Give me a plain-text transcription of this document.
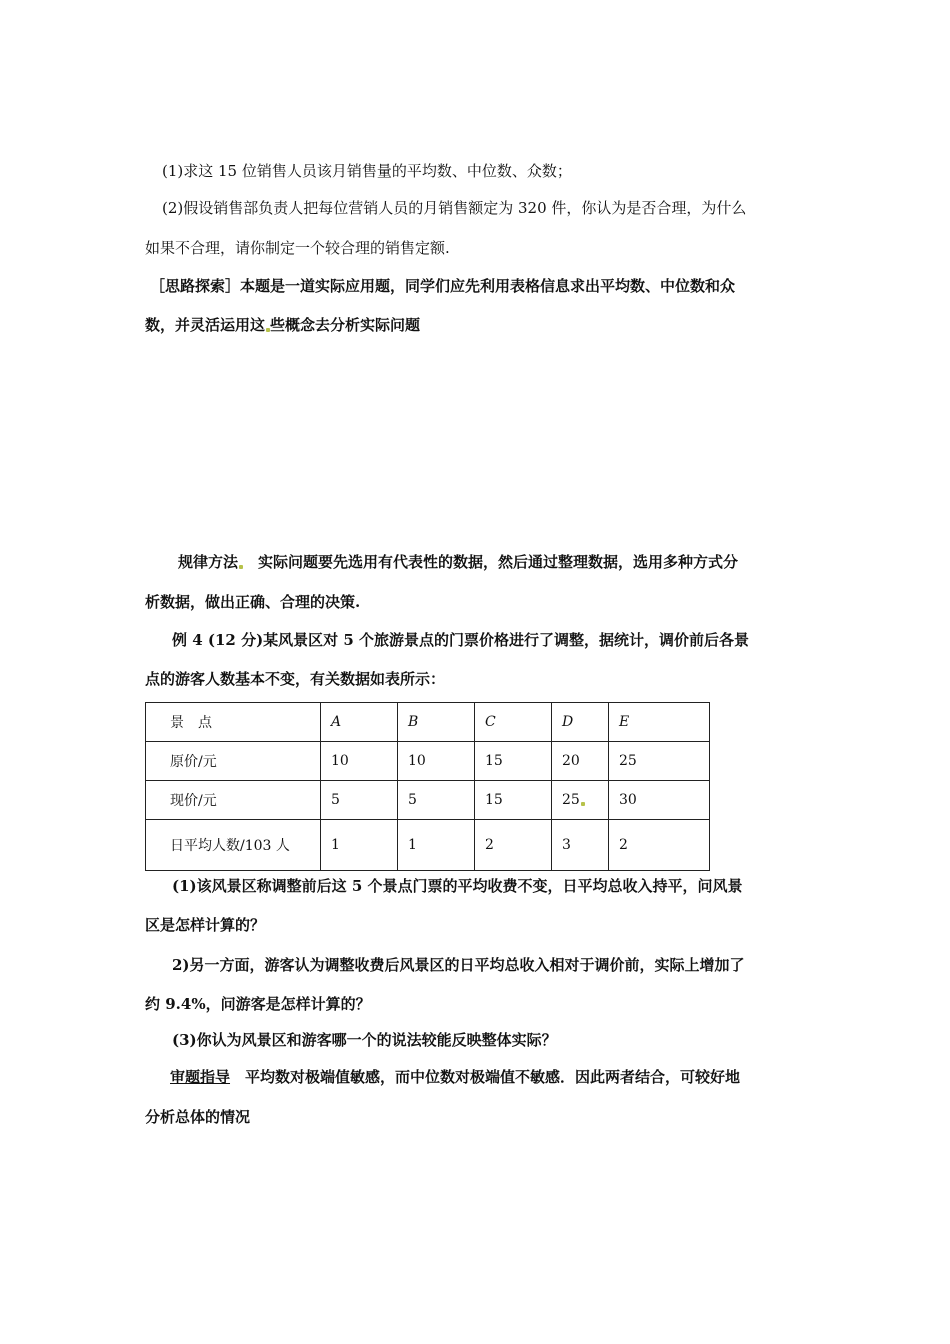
(1)求这 15 位销售人员该月销售量的平均数、中位数、众数；
(2)假设销售部负责人把每位营销人员的月销售额定为 320 件，你认为是否合理，为什么
如果不合理，请你制定一个较合理的销售定额.
［思路探索］本题是一道实际应用题，同学们应先利用表格信息求出平均数、中位数和众
数，并灵活运用这 些概念去分析实际问题
规律方法　 实际问题要先选用有代表性的数据，然后通过整理数据，选用多种方式分
析数据，做出正确、合理的决策.
例 4 (12 分)某风景区对 5 个旅游景点的门票价格进行了调整，据统计，调价前后各景
点的游客人数基本不变，有关数据如表所示：
景　点	A	B	C	D	E
原价/元	10	10	15	20	25
现价/元	5	5	15	25	30
日平均人数/103 人	1	1	2	3	2
(1)该风景区称调整前后这 5 个景点门票的平均收费不变，日平均总收入持平，问风景
区是怎样计算的？
2)另一方面，游客认为调整收费后风景区的日平均总收入相对于调价前，实际上增加了
约 9.4%，问游客是怎样计算的？
(3)你认为风景区和游客哪一个的说法较能反映整体实际？
审题指导　 平均数对极端值敏感，而中位数对极端值不敏感．因此两者结合，可较好地
分析总体的情况
